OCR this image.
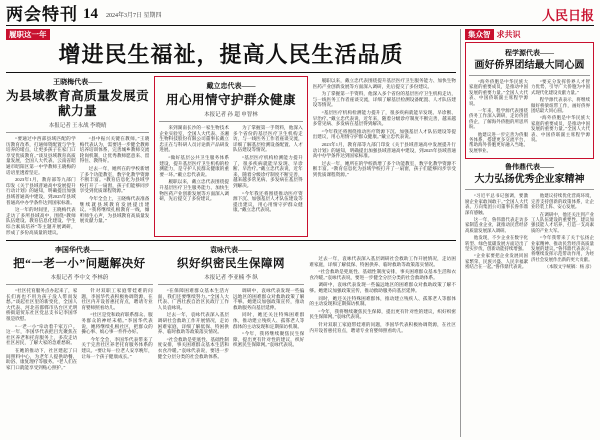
两会特刊 14 2024年3月7日 星期四	人民日报
履职这一年
增进民生福祉，提高人民生活品质
王晓梅代表——
为县域教育高质量发展贡献力量
本报记者 王永战 李晓晴

“要通过中西部县域匹配的学历教育改革，打通师资配置与学生培养的堵点，让更多孩子在家门口享受优质教育。”谈及县域教育高质量发展，全国人大代表、云南省昭通市昭阳区第一中学教师王晓梅的话语里透着坚定。

2023年1月，教育部等九部门印发《关于县域普通高中发展提升行动计划》的通知，明确提出加强县域普通高中建设，到2025年县域普通高中办学条件达到国家标准。

这一年的时间里，王晓梅代表走访了多所县域高中，围绕“教师队伍建设、教育信息化建设、学生综合素质培养”等主题开展调研，形成了多份高质量的建议。

“县中振兴关键在教师。”王晓梅代表认为，需要进一步健全教师培养培训体系，完善城乡教师交流轮岗机制，让优秀教师愿意来、留得住、教得好。

过去一年，她所在的学校新增了多个功能教室，数字化教学资源不断丰富。“教育信息化为县域学校打开了一扇窗，孩子们能够同步享受到优质课程资源。”

今年全会上，王晓梅代表准备继续就县域教育发展提出建议。“我将继续扎根教育一线，倾听师生心声，为县域教育高质量发展贡献力量。”

戴立忠代表——
用心用情守护群众健康
本报记者 孙 超 申智林

来到湖南长沙的一家生物技术企业实验室，全国人大代表、圣湘生物科技股份有限公司董事长戴立忠正在与科研人员讨论新产品研发进展。

“做好基层公共卫生服务体系建设，提升基层医疗卫生机构的检测能力，是守护人民群众健康的重要一环。”戴立忠代表说。

履职以来，戴立忠代表围绕提升基层医疗卫生服务能力、加快生物医药产业创新发展等方面深入调研，先后提交了多份建议。

为了掌握第一手资料，他深入多个省份的基层医疗卫生机构走访，与一线医务工作者座谈交流，详细了解基层检测设备配置、人才队伍建设等情况。

“基层医疗机构检测能力提升了，很多疾病就能早发现、早诊断、早治疗。”戴立忠代表说，近年来，随着分级诊疗制度不断完善，越来越多常见病、多发病在基层得到解决。

“今年我还将围绕推动医疗资源下沉、加强基层人才队伍建设等提出建议，用心用情守护群众健康。”戴立忠代表说。

履职以来，戴立忠代表围绕提升基层医疗卫生服务能力、加快生物医药产业创新发展等方面深入调研，先后提交了多份建议。

为了掌握第一手资料，他深入多个省份的基层医疗卫生机构走访，与一线医务工作者座谈交流，详细了解基层检测设备配置、人才队伍建设等情况。

“基层医疗机构检测能力提升了，很多疾病就能早发现、早诊断、早治疗。”戴立忠代表说，近年来，随着分级诊疗制度不断完善，越来越多常见病、多发病在基层得到解决。

“今年我还将围绕推动医疗资源下沉、加强基层人才队伍建设等提出建议，用心用情守护群众健康。”戴立忠代表说。

2023年1月，教育部等九部门印发《关于县域普通高中发展提升行动计划》的通知，明确提出加强县域普通高中建设，到2025年县域普通高中办学条件达到国家标准。

过去一年，她所在的学校新增了多个功能教室，数字化教学资源不断丰富。“教育信息化为县域学校打开了一扇窗，孩子们能够同步享受到优质课程资源。”

李国华代表——
把“一老一小”问题解决好
本报记者 李中文 李林蔚

“社区托育服务点办起来了，家长们再也不用为孩子没人带而发愁。”谈起社区里的新变化，全国人大代表、河北省邯郸市丛台区光明桥街道贸东社区党总支书记李国华很是欣慰。

“一老一小”牵动着千家万户。这一年，李国华代表把目光聚焦在社区养老和托育服务上，多次走访社区居民，了解大家的急难愁盼。

在她的推动下，社区建起了日间照料中心，为老年人提供助餐、助浴、康复理疗等服务。“老人们在家门口就能享受到贴心照护。”

针对双职工家庭带娃难的问题，李国华代表积极协调资源，在社区内开设普惠托育点，聘请专业育婴师照看幼儿。

“社区是党和政府联系群众、服务群众的神经末梢。”李国华代表说，她将继续扎根社区，把群众的操心事、烦心事一件件办好。

今年全会，李国华代表带来了关于完善社区养老托育服务体系的建议。“要让每一位老人安享晚年，让每一个孩子健康成长。”

袁咏代表——
织好织密民生保障网
本报记者 李亚楠 李 纵

“在保障困难群众基本生活方面，我们还要继续努力。”全国人大代表、广西壮族自治区民政厅工作人员袁咏说。

过去一年，袁咏代表深入基层调研社会救助工作开展情况，走访困难家庭，详细了解低保、特困供养、临时救助等政策落实情况。

“社会救助是兜底性、基础性制度安排，事关困难群众基本生活和衣食冷暖。”袁咏代表说，要进一步健全分层分类的社会救助体系。

调研中，袁咏代表发现一些偏远地区的困难群众对救助政策了解不够。她建议加强政策宣传，推动救助服务向基层延伸。

同时，她还关注特殊困难群体，推动建立残疾人、孤寡老人等群体的主动发现和定期探访机制。

“今年，我将继续聚焦民生保障，提出更有针对性的建议，织好织密民生保障网。”袁咏代表说。

过去一年，袁咏代表深入基层调研社会救助工作开展情况，走访困难家庭，详细了解低保、特困供养、临时救助等政策落实情况。

“社会救助是兜底性、基础性制度安排，事关困难群众基本生活和衣食冷暖。”袁咏代表说，要进一步健全分层分类的社会救助体系。

调研中，袁咏代表发现一些偏远地区的困难群众对救助政策了解不够。她建议加强政策宣传，推动救助服务向基层延伸。

同时，她还关注特殊困难群体，推动建立残疾人、孤寡老人等群体的主动发现和定期探访机制。

“今年，我将继续聚焦民生保障，提出更有针对性的建议，织好织密民生保障网。”袁咏代表说。

针对双职工家庭带娃难的问题，李国华代表积极协调资源，在社区内开设普惠托育点，聘请专业育婴师照看幼儿。

集众智 求共识
程学源代表——
画好侨界团结最大同心圆

“海外侨胞是中华民族大家庭的重要成员，是推动中国发展的重要力量。”全国人大代表、中国侨联副主席程学源说。

一年来，程学源代表围绕侨务工作深入调研，走访侨团侨企，了解海外侨胞的所思所盼。

他建议进一步完善为侨服务体系，搭建更多交流平台，帮助海外侨胞更好融入当地、发展事业。

“要充分发挥侨界人才智力优势，引导广大侨胞为中国式现代化建设贡献力量。”

程学源代表表示，将继续做好桥梁纽带工作，画好侨界团结最大同心圆。

“海外侨胞是中华民族大家庭的重要成员，是推动中国发展的重要力量。”全国人大代表、中国侨联副主席程学源说。

鲁伟鼎代表——
大力弘扬优秀企业家精神

“习近平总书记强调，要激励企业家敢闯敢干。”全国人大代表、万向集团公司董事长鲁伟鼎深有感触。

这一年，鲁伟鼎代表走访多家制造业企业，就推动民营经济高质量发展深入调研。

他发现，不少企业在数字化转型、绿色低碳发展方面迈出了坚实步伐，创新动能持续增强。

“企业家要把企业发展同国家繁荣、民族兴盛、人民幸福紧密结合在一起。”鲁伟鼎代表说。

他建议持续优化营商环境，完善支持创新的政策体系，让企业轻装上阵、安心发展。

在调研中，他还关注到产业工人队伍建设的重要性，建议加强技能人才培养，打造一支高素质的产业大军。

“今年我带来了关于弘扬企业家精神、推动民营经济高质量发展的建议。”鲁伟鼎代表表示，将继续发挥示范带动作用，为经济社会发展作出新的更大贡献。

（本版文字统稿：杨 彦）
